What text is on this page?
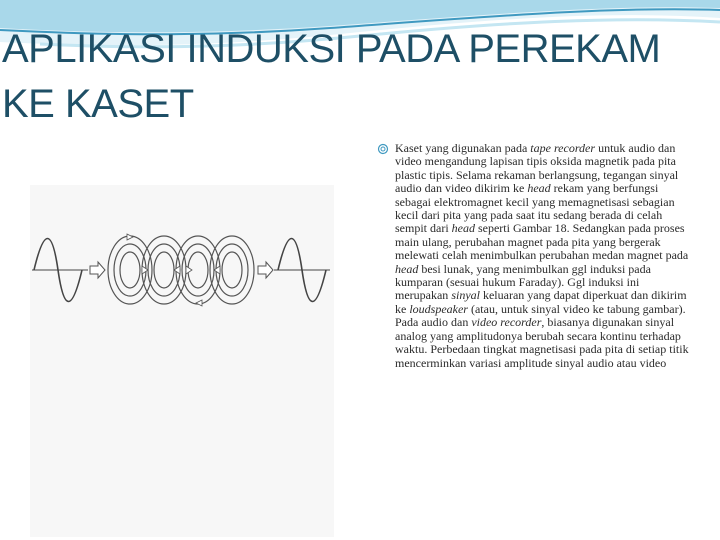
APLIKASI INDUKSI PADA PEREKAM
KE KASET

Kaset yang digunakan pada tape recorder untuk audio dan video mengandung lapisan tipis oksida magnetik pada pita plastic tipis. Selama rekaman berlangsung, tegangan sinyal audio dan video dikirim ke head rekam yang berfungsi sebagai elektromagnet kecil yang memagnetisasi sebagian kecil dari pita yang pada saat itu sedang berada di celah sempit dari head seperti Gambar 18. Sedangkan pada proses main ulang, perubahan magnet pada pita yang bergerak melewati celah menimbulkan perubahan medan magnet pada head besi lunak, yang menimbulkan ggl induksi pada kumparan (sesuai hukum Faraday). Ggl induksi ini merupakan sinyal keluaran yang dapat diperkuat dan dikirim ke loudspeaker (atau, untuk sinyal video ke tabung gambar). Pada audio dan video recorder, biasanya digunakan sinyal analog yang amplitudonya berubah secara kontinu terhadap waktu. Perbedaan tingkat magnetisasi pada pita di setiap titik mencerminkan variasi amplitude sinyal audio atau video
